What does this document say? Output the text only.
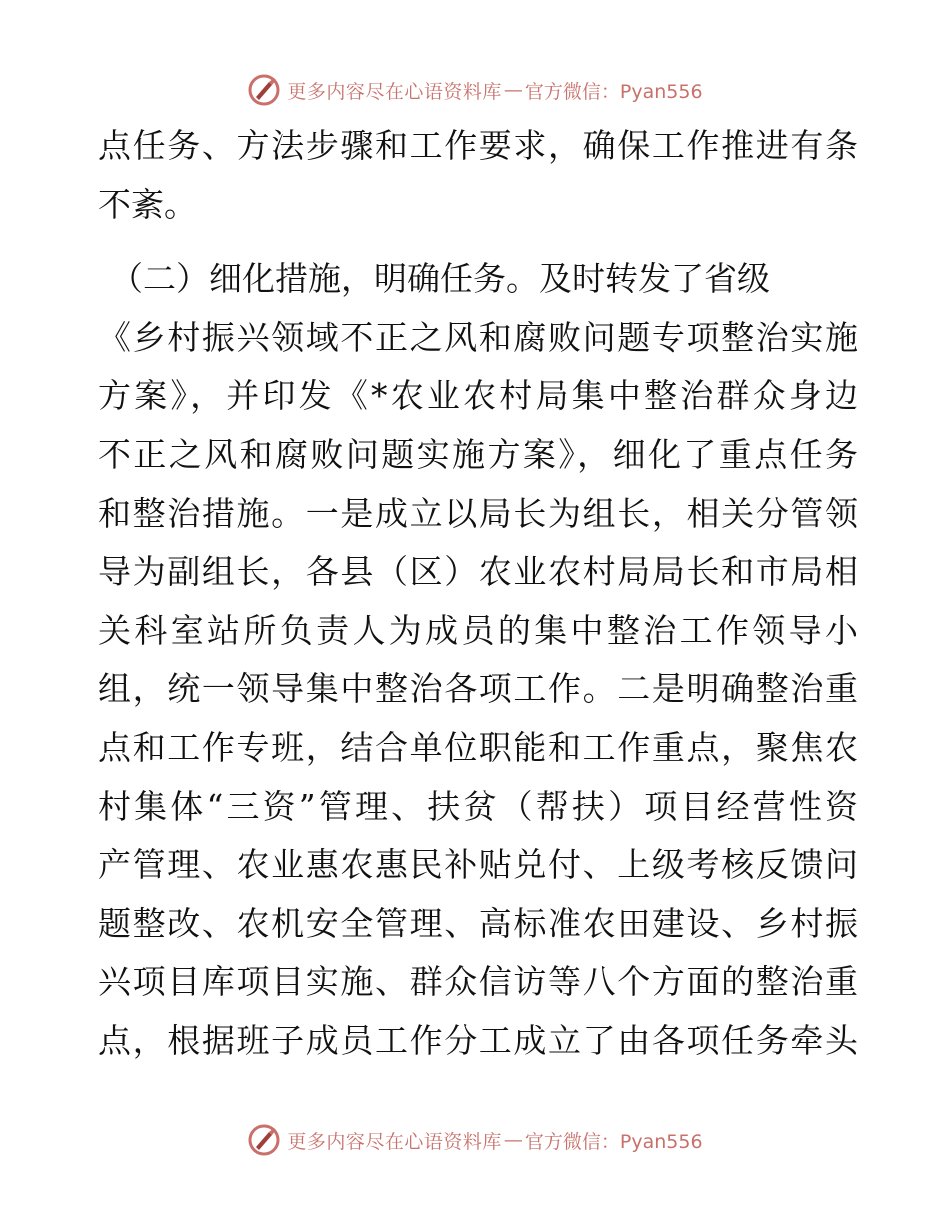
更多内容尽在心语资料库 — 官方微信：Pyan556
点任务、方法步骤和工作要求，确保工作推进有条
不紊。
（二）细化措施，明确任务。及时转发了省级
《乡村振兴领域不正之风和腐败问题专项整治实施
方案》，并印发《*农业农村局集中整治群众身边
不正之风和腐败问题实施方案》，细化了重点任务
和整治措施。一是成立以局长为组长，相关分管领
导为副组长，各县（区）农业农村局局长和市局相
关科室站所负责人为成员的集中整治工作领导小
组，统一领导集中整治各项工作。二是明确整治重
点和工作专班，结合单位职能和工作重点，聚焦农
村集体“三资”管理、扶贫（帮扶）项目经营性资
产管理、农业惠农惠民补贴兑付、上级考核反馈问
题整改、农机安全管理、高标准农田建设、乡村振
兴项目库项目实施、群众信访等八个方面的整治重
点，根据班子成员工作分工成立了由各项任务牵头
更多内容尽在心语资料库 — 官方微信：Pyan556
